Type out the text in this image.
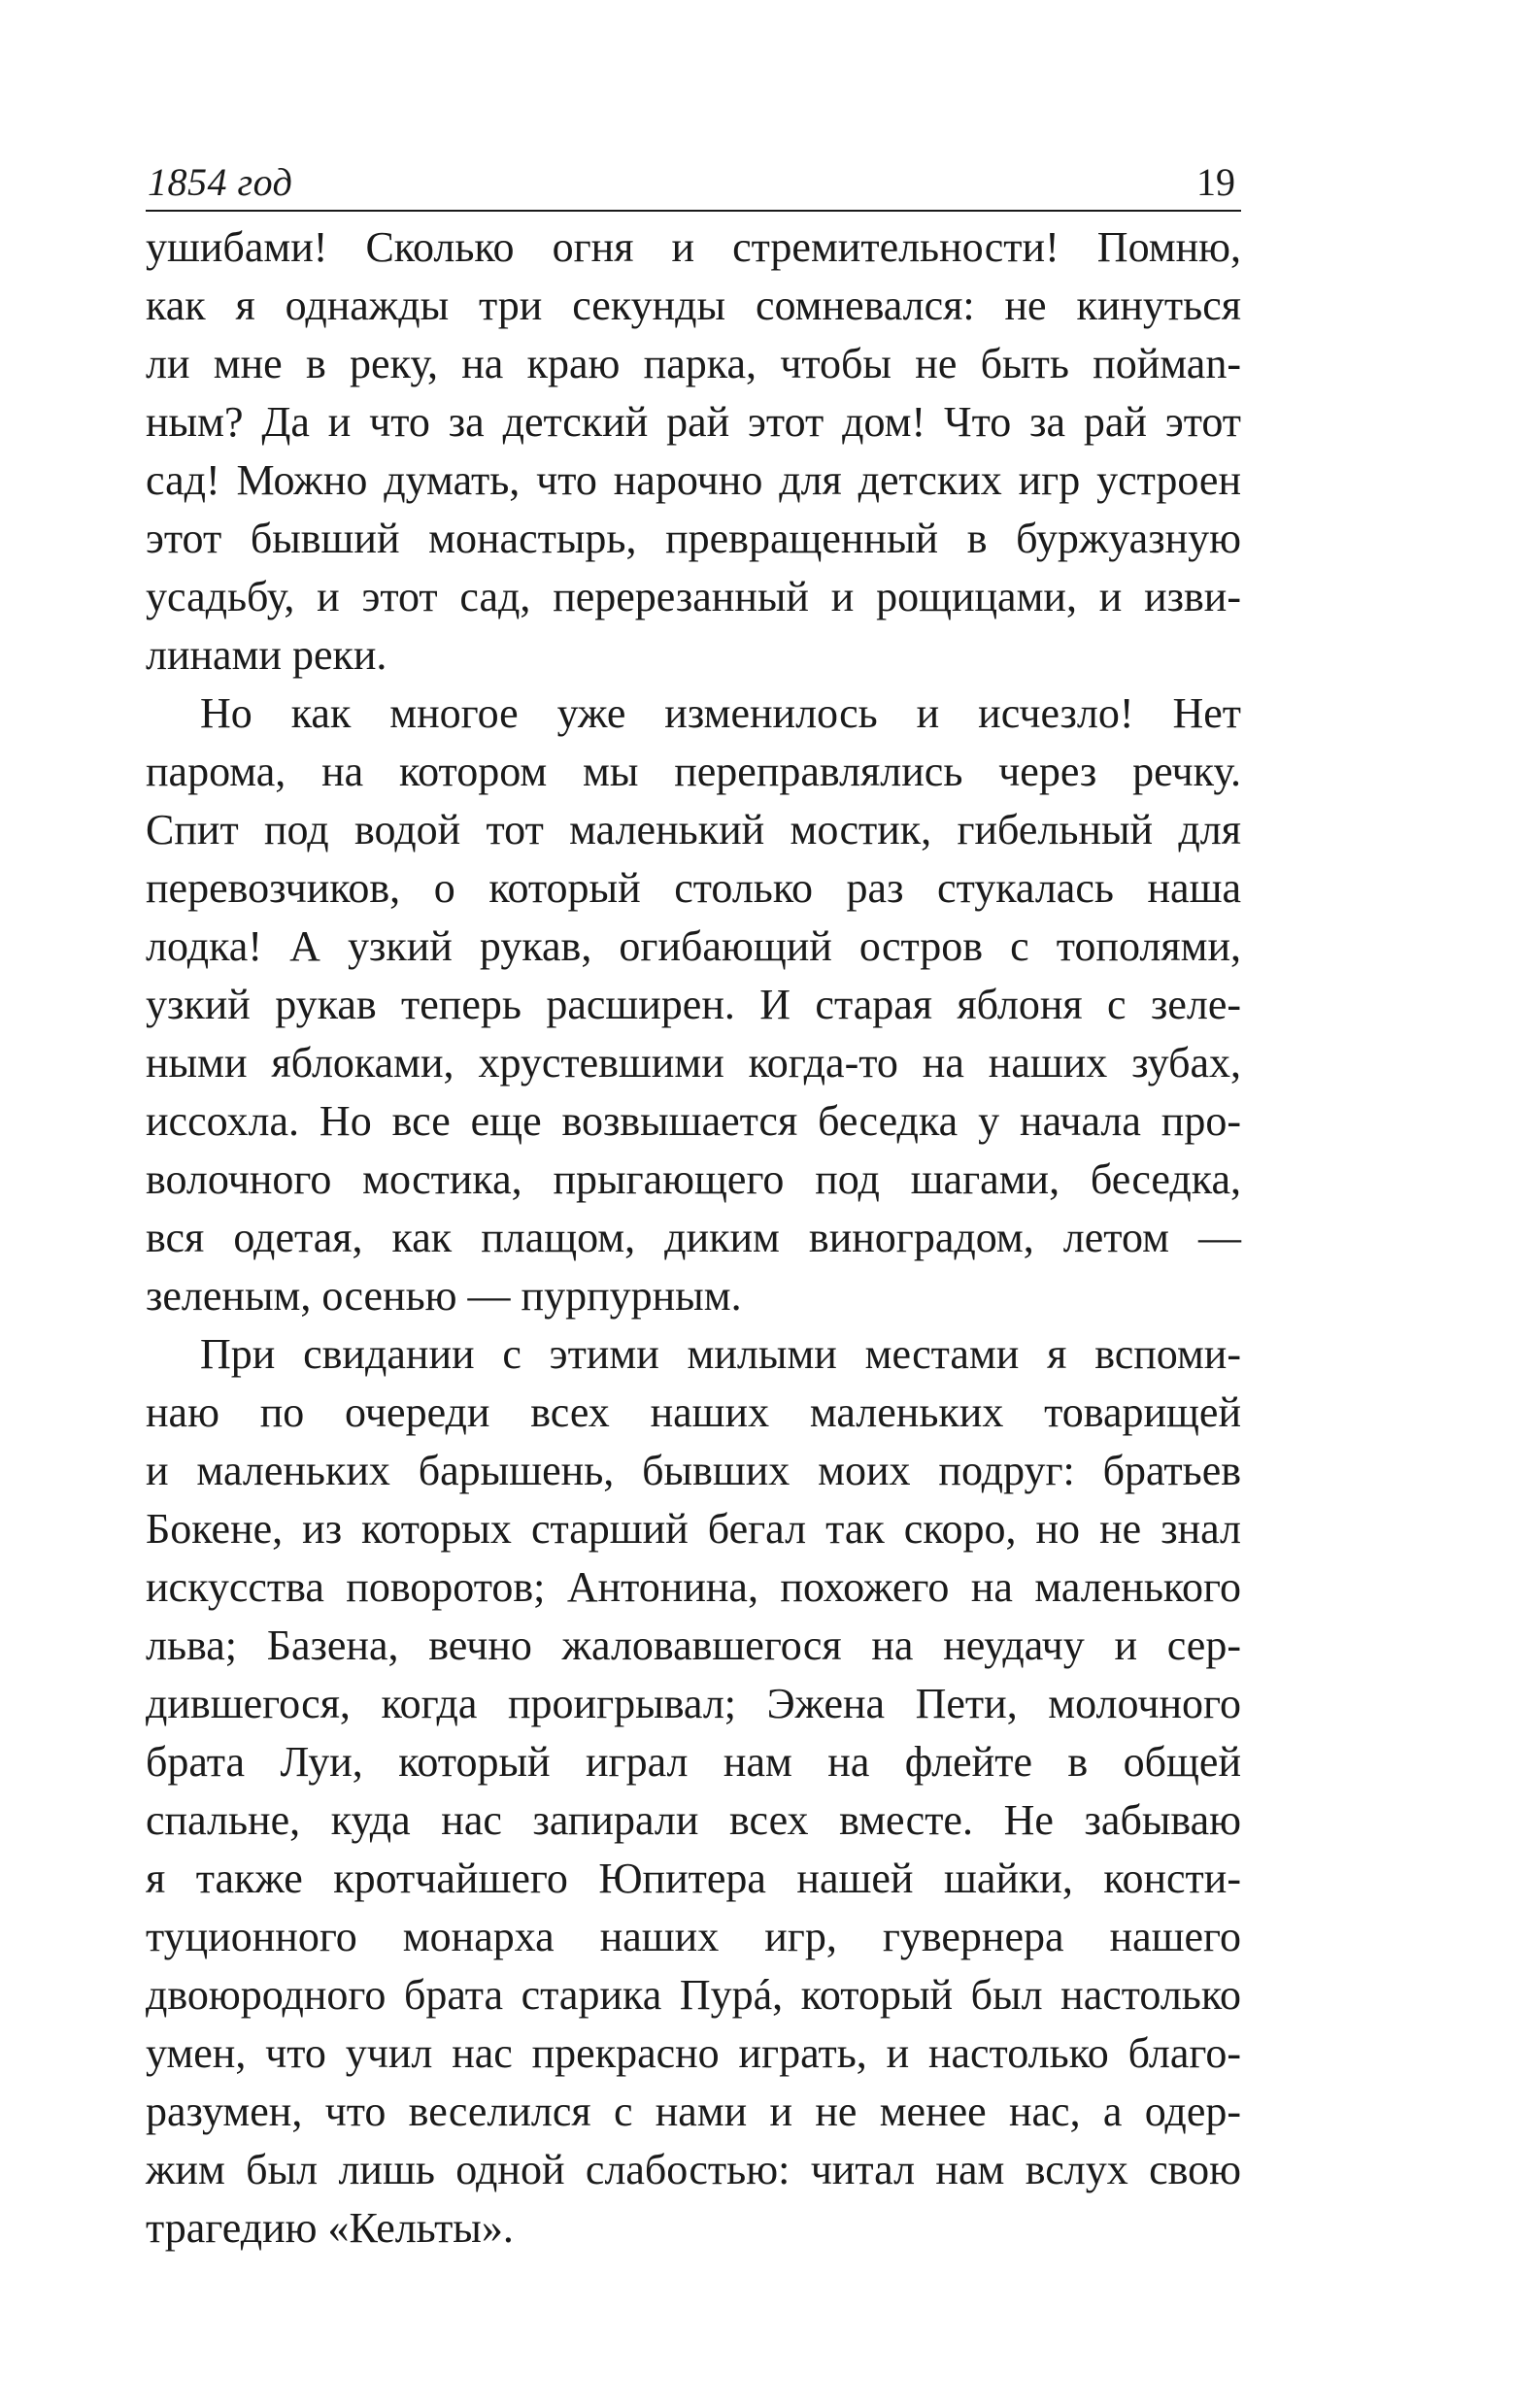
1854 год	19

ушибами! Сколько огня и стремительности! Помню,
как я однажды три секунды сомневался: не кинуться
ли мне в реку, на краю парка, чтобы не быть поймаn-
ным? Да и что за детский рай этот дом! Что за рай этот
сад! Можно думать, что нарочно для детских игр устроен
этот бывший монастырь, превращенный в буржуазную
усадьбу, и этот сад, перерезанный и рощицами, и изви-
линами реки.

Но как многое уже изменилось и исчезло! Нет
парома, на котором мы переправлялись через речку.
Спит под водой тот маленький мостик, гибельный для
перевозчиков, о который столько раз стукалась наша
лодка! А узкий рукав, огибающий остров с тополями,
узкий рукав теперь расширен. И старая яблоня с зеле-
ными яблоками, хрустевшими когда-то на наших зубах,
иссохла. Но все еще возвышается беседка у начала про-
волочного мостика, прыгающего под шагами, беседка,
вся одетая, как плащом, диким виноградом, летом —
зеленым, осенью — пурпурным.

При свидании с этими милыми местами я вспоми-
наю по очереди всех наших маленьких товарищей
и маленьких барышень, бывших моих подруг: братьев
Бокене, из которых старший бегал так скоро, но не знал
искусства поворотов; Антонина, похожего на маленького
льва; Базена, вечно жаловавшегося на неудачу и сер-
дившегося, когда проигрывал; Эжена Пети, молочного
брата Луи, который играл нам на флейте в общей
спальне, куда нас запирали всех вместе. Не забываю
я также кротчайшего Юпитера нашей шайки, консти-
туционного монарха наших игр, гувернера нашего
двоюродного брата старика Пурá, который был настолько
умен, что учил нас прекрасно играть, и настолько благо-
разумен, что веселился с нами и не менее нас, а одер-
жим был лишь одной слабостью: читал нам вслух свою
трагедию «Кельты».
